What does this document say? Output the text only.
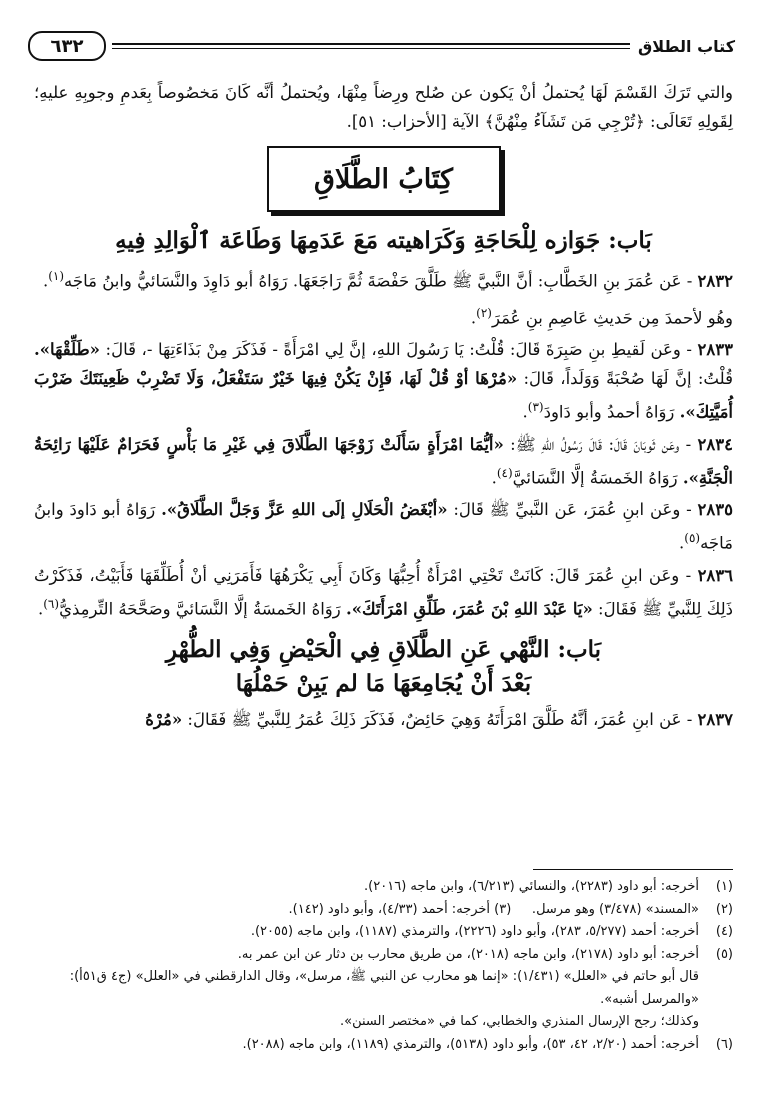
٦٣٢	كتاب الطلاق

والتي تَرَكَ القَسْمَ لَهَا يُحتملُ أنْ يَكون عن صُلح ورِضاً مِنْهَا، ويُحتملُ أنَّه كَانَ مَخصُوصاً بِعَدمِ وجوبِهِ عليهِ؛ لِقَولِهِ تَعَالَى: ﴿تُرْجِي مَن تَشَآءُ مِنْهُنَّ﴾ الآية [الأحزاب: ٥١].

كِتَابُ الطَّلَاقِ
بَاب: جَوَازه لِلْحَاجَةِ وَكَرَاهيته مَعَ عَدَمِهَا وَطَاعَة ٱلْوَالِدِ فِيهِ

٢٨٣٢ - عَن عُمَرَ بنِ الخَطَّابِ: أنَّ النَّبيَّ ﷺ طَلَّقَ حَفْصَةَ ثُمَّ رَاجَعَهَا. رَوَاهُ أبو دَاوِدَ والنَّسَائيُّ وابنُ مَاجَه$^{(١)}$.

وهُو لأحمدَ مِن حَديثِ عَاصِمِ بنِ عُمَرَ$^{(٢)}$.

٢٨٣٣ - وعَن لَقيطِ بنِ صَبِرَةَ قَالَ: قُلْتُ: يَا رَسُولَ اللهِ، إنَّ لِي امْرَأَةً - فَذَكَرَ مِنْ بَذَاءَتِهَا -، قَالَ: «طَلِّقْهَا». قُلْتُ: إنَّ لَهَا صُحْبَةً وَوَلَداً، قَالَ: «مُرْهَا أوْ قُلْ لَهَا، فَإِنْ يَكُنْ فِيهَا خَيْرٌ سَتَفْعَلُ، وَلَا تَضْرِبْ ظَعِينَتَكَ ضَرْبَ أُمَيَّتِكَ». رَوَاهُ أحمدُ وأبو دَاودَ$^{(٣)}$.

٢٨٣٤ - وعَن ثَوبَانَ قَالَ: قَالَ رَسُولُ اللهِ ﷺ: «أيُّمَا امْرَأَةٍ سَأَلَتْ زَوْجَهَا الطَّلَاقَ فِي غَيْرِ مَا بَأْسٍ فَحَرَامٌ عَلَيْهَا رَائِحَةُ الْجَنَّةِ». رَوَاهُ الخَمسَةُ إلَّا النَّسَائيَّ$^{(٤)}$.

٢٨٣٥ - وعَن ابنِ عُمَرَ، عَن النَّبيِّ ﷺ قَالَ: «أبْغَضُ الْحَلَالِ إلَى اللهِ عَزَّ وَجَلَّ الطَّلَاقُ». رَوَاهُ أبو دَاودَ وابنُ مَاجَه$^{(٥)}$.

٢٨٣٦ - وعَن ابنِ عُمَرَ قَالَ: كَانَتْ تَحْتِي امْرَأَةٌ أُحِبُّهَا وَكَانَ أَبِي يَكْرَهُهَا فَأَمَرَنِي أنْ أُطَلِّقَهَا فَأَبَيْتُ، فَذَكَرْتُ ذَلِكَ لِلنَّبيِّ ﷺ فَقَالَ: «يَا عَبْدَ اللهِ بْنَ عُمَرَ، طَلِّقِ امْرَأَتَكَ». رَوَاهُ الخَمسَةُ إلَّا النَّسَائيَّ وصَحَّحَهُ التِّرمِذيُّ$^{(٦)}$.

بَاب: النَّهْي عَنِ الطَّلَاقِ فِي الْحَيْضِ وَفِي الطُّهْرِ
بَعْدَ أَنْ يُجَامِعَهَا مَا لم يَبِنْ حَمْلُهَا

٢٨٣٧ - عَن ابنِ عُمَرَ، أنَّهُ طَلَّقَ امْرَأَتَهُ وَهِيَ حَائِضٌ، فَذَكَرَ ذَلِكَ عُمَرُ لِلنَّبيِّ ﷺ فَقَالَ: «مُرْهُ

(١)
أخرجه: أبو داود (٢٢٨٣)، والنسائي (٦/٢١٣)، وابن ماجه (٢٠١٦).
(٢)
«المسند» (٣/٤٧٨) وهو مرسل.     (٣) أخرجه: أحمد (٤/٣٣)، وأبو داود (١٤٢).
(٤)
أخرجه: أحمد (٥/٢٧٧، ٢٨٣)، وأبو داود (٢٢٢٦)، والترمذي (١١٨٧)، وابن ماجه (٢٠٥٥).
(٥)
أخرجه: أبو داود (٢١٧٨)، وابن ماجه (٢٠١٨)، من طريق محارب بن دثار عن ابن عمر به.
قال أبو حاتم في «العلل» (١/٤٣١): «إنما هو محارب عن النبي ﷺ، مرسل»، وقال الدارقطني في «العلل» (ج٤ ق٥١أ): «والمرسل أشبه».
وكذلك؛ رجح الإرسال المنذري والخطابي، كما في «مختصر السنن».
(٦)
أخرجه: أحمد (٢/٢٠، ٤٢، ٥٣)، وأبو داود (٥١٣٨)، والترمذي (١١٨٩)، وابن ماجه (٢٠٨٨).
